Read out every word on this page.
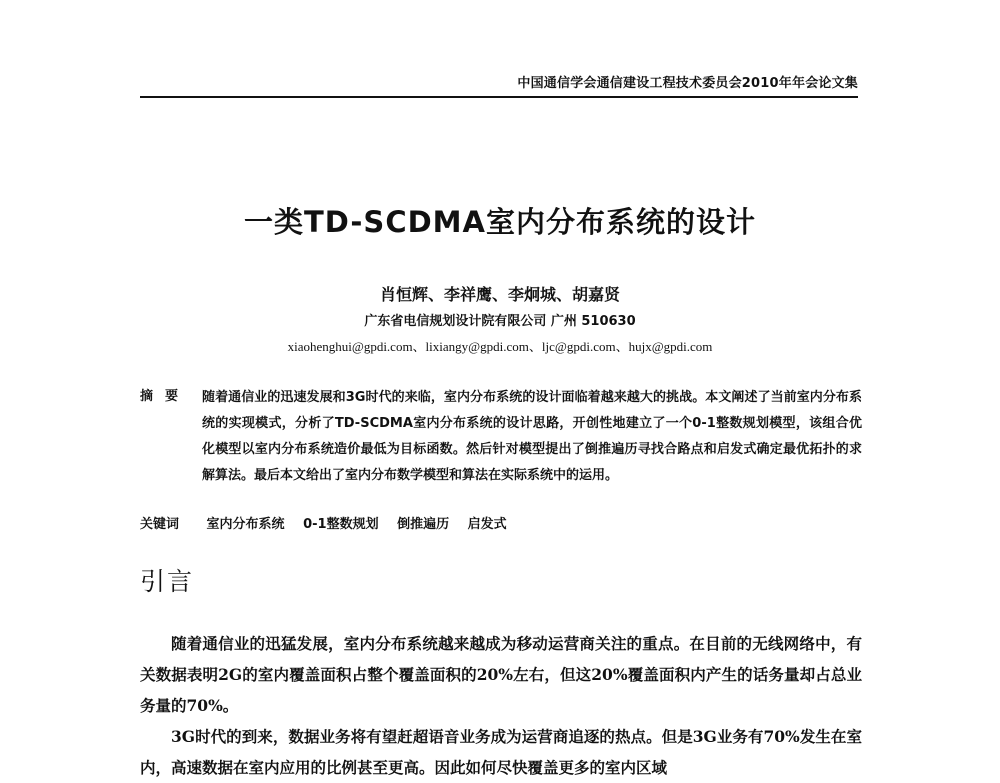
中国通信学会通信建设工程技术委员会2010年年会论文集
一类TD-SCDMA室内分布系统的设计
肖恒辉、李祥鹰、李炯城、胡嘉贤
广东省电信规划设计院有限公司 广州 510630
xiaohenghui@gpdi.com、lixiangy@gpdi.com、ljc@gpdi.com、hujx@gpdi.com
摘要 随着通信业的迅速发展和3G时代的来临，室内分布系统的设计面临着越来越大的挑战。本文阐述了当前室内分布系统的实现模式，分析了TD-SCDMA室内分布系统的设计思路，开创性地建立了一个0-1整数规划模型，该组合优化模型以室内分布系统造价最低为目标函数。然后针对模型提出了倒推遍历寻找合路点和启发式确定最优拓扑的求解算法。最后本文给出了室内分布数学模型和算法在实际系统中的运用。
关键词 室内分布系统 0-1整数规划 倒推遍历 启发式
引言

随着通信业的迅猛发展，室内分布系统越来越成为移动运营商关注的重点。在目前的无线网络中，有关数据表明2G的室内覆盖面积占整个覆盖面积的20%左右，但这20%覆盖面积内产生的话务量却占总业务量的70%。

3G时代的到来，数据业务将有望赶超语音业务成为运营商追逐的热点。但是3G业务有70%发生在室内，高速数据在室内应用的比例甚至更高。因此如何尽快覆盖更多的室内区域
